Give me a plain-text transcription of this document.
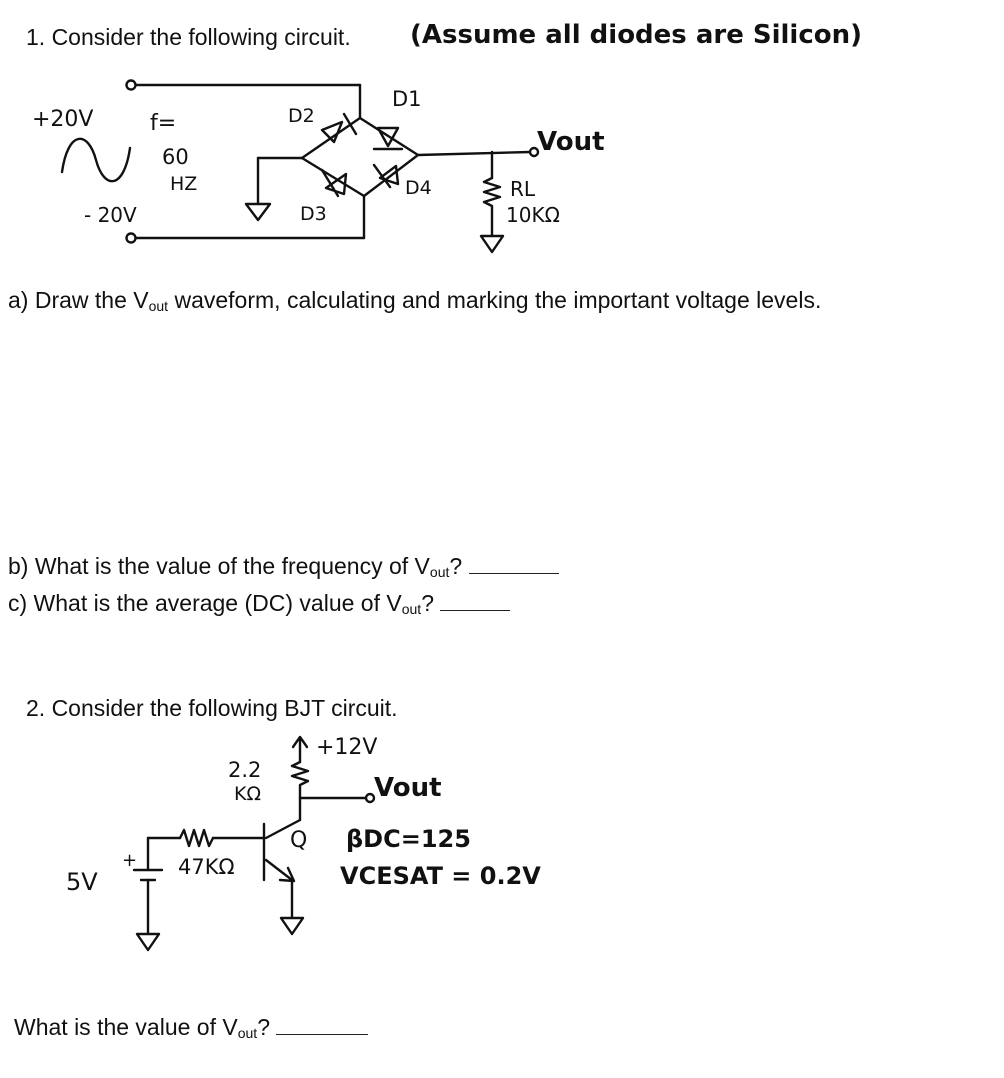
1. Consider the following circuit. (Assume all diodes are Silicon)
+20V
- 20V
f=
60
HZ
D1
D2
D3
D4
Vout
RL
10KΩ
a) Draw the $V_{out}$ waveform, calculating and marking the important voltage levels.
b) What is the value of the frequency of $V_{out}$?
c) What is the average (DC) value of $V_{out}$?
2. Consider the following BJT circuit.
+12V
2.2
KΩ	Vout
Q βDC=125
VCESAT = 0.2V
47KΩ
+
5V
What is the value of $V_{out}$?
